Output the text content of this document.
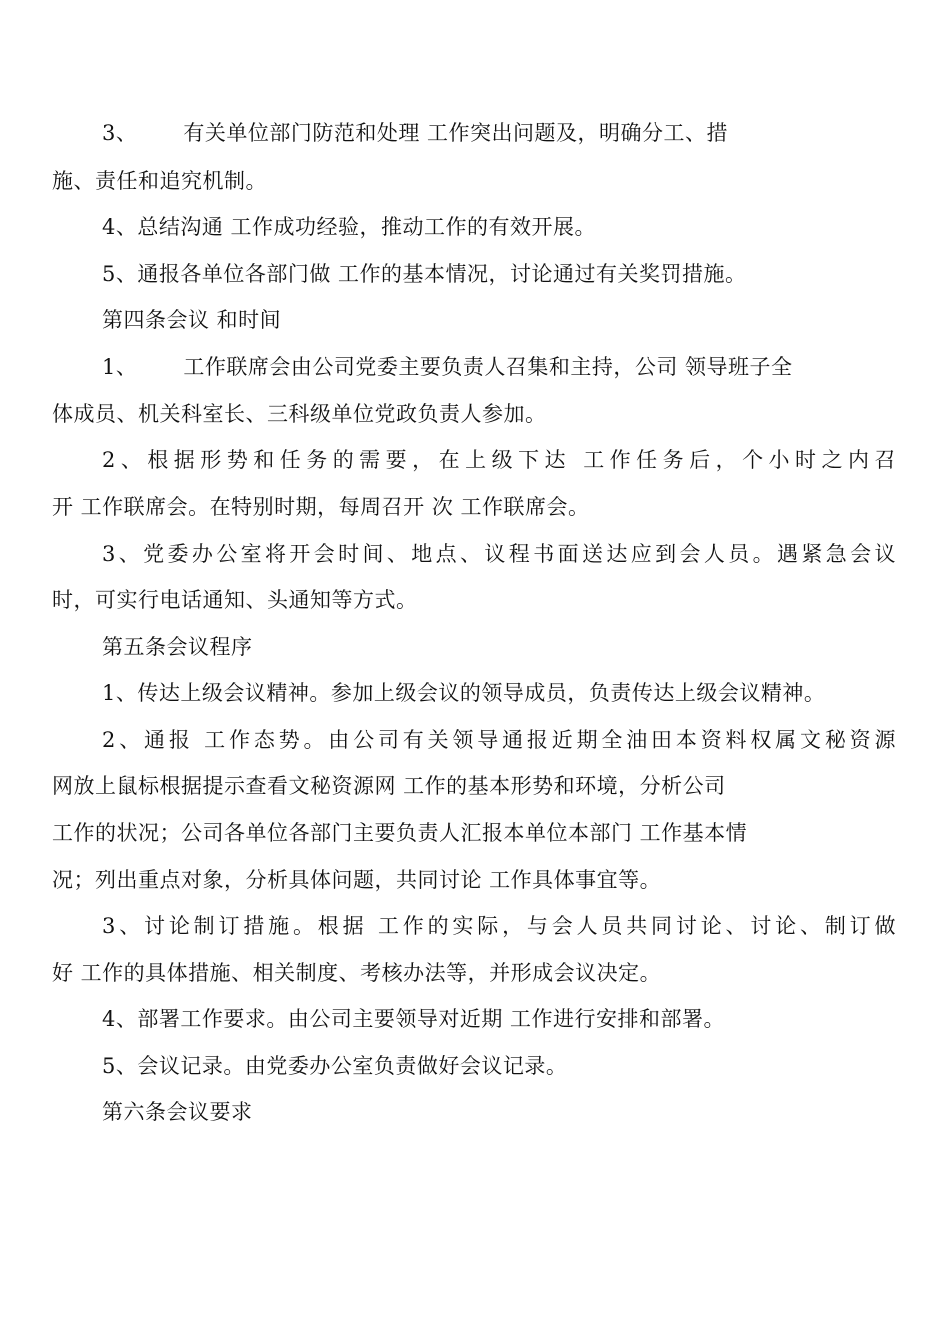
3、 有关单位部门防范和处理 工作突出问题及，明确分工、措
施、责任和追究机制。
4、总结沟通 工作成功经验，推动工作的有效开展。
5、通报各单位各部门做 工作的基本情况，讨论通过有关奖罚措施。
第四条会议 和时间
1、 工作联席会由公司党委主要负责人召集和主持，公司 领导班子全
体成员、机关科室长、三科级单位党政负责人参加。
2、根据形势和任务的需要，在上级下达 工作任务后，个小时之内召
开 工作联席会。在特别时期，每周召开 次 工作联席会。
3、党委办公室将开会时间、地点、议程书面送达应到会人员。遇紧急会议
时，可实行电话通知、头通知等方式。
第五条会议程序
1、传达上级会议精神。参加上级会议的领导成员，负责传达上级会议精神。
2、通报 工作态势。由公司有关领导通报近期全油田本资料权属文秘资源
网放上鼠标根据提示查看文秘资源网 工作的基本形势和环境，分析公司
工作的状况；公司各单位各部门主要负责人汇报本单位本部门 工作基本情
况；列出重点对象，分析具体问题，共同讨论 工作具体事宜等。
3、讨论制订措施。根据 工作的实际，与会人员共同讨论、讨论、制订做
好 工作的具体措施、相关制度、考核办法等，并形成会议决定。
4、部署工作要求。由公司主要领导对近期 工作进行安排和部署。
5、会议记录。由党委办公室负责做好会议记录。
第六条会议要求
